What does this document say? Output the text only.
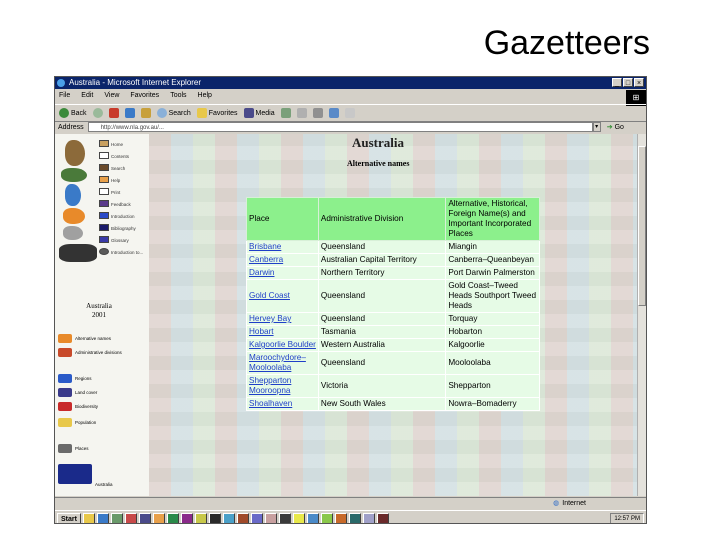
Gazetteers
Australia - Microsoft Internet Explorer	_ □ ×
File Edit View Favorites Tools Help	⊞
Back	Search	Favorites	Media
Address	http://www.nla.gov.au/...	▾	➔ Go
Home
Contents
Search
Help
Print
Feedback
Introduction
Bibliography
Glossary
Introduction to...
Australia
2001
Alternative names
Administrative divisions
Regions
Land cover
Biodiversity
Population
Places
Australia
Australia
Alternative names
Place	Administrative Division	Alternative, Historical, Foreign Name(s) and Important Incorporated Places
Brisbane	Queensland	Miangin
Canberra	Australian Capital Territory	Canberra–Queanbeyan
Darwin	Northern Territory	Port Darwin Palmerston
Gold Coast	Queensland	Gold Coast–Tweed Heads Southport Tweed Heads
Hervey Bay	Queensland	Torquay
Hobart	Tasmania	Hobarton
Kalgoorlie Boulder	Western Australia	Kalgoorlie
Maroochydore–Mooloolaba	Queensland	Mooloolaba
Shepparton Mooroopna	Victoria	Shepparton
Shoalhaven	New South Wales	Nowra–Bomaderry
◍ Internet
Start	12:57 PM
